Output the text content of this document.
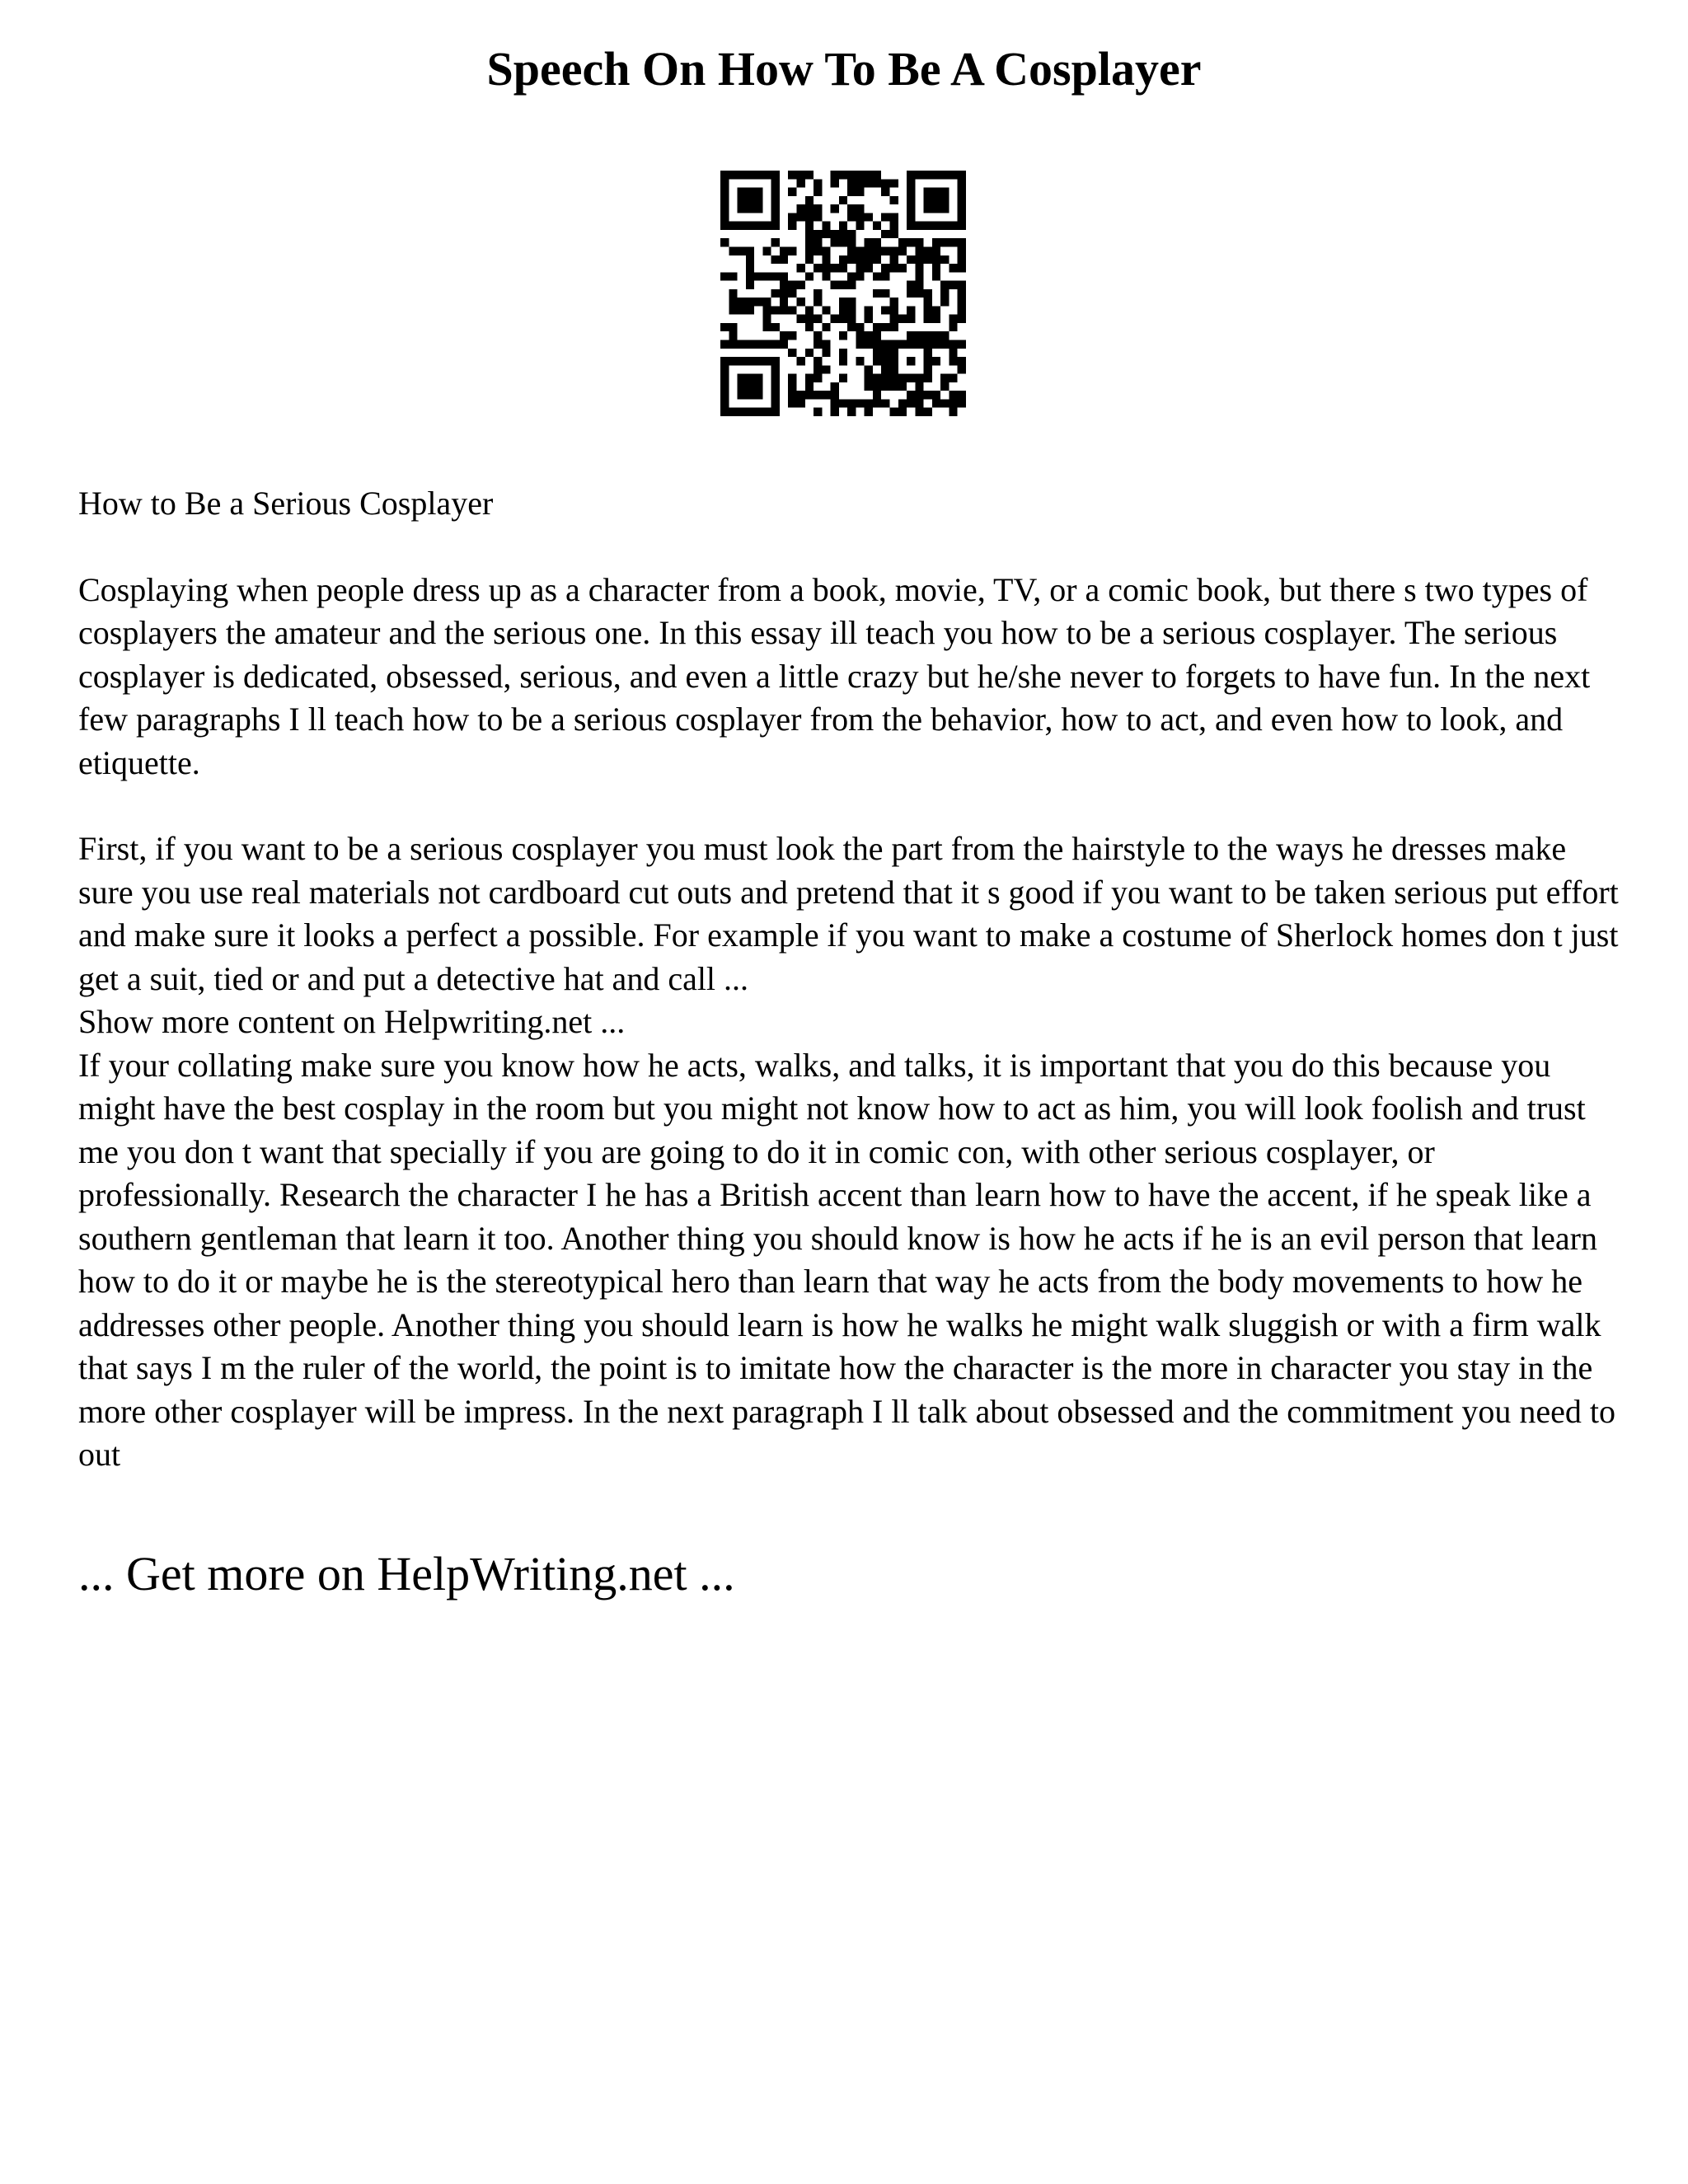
Speech On How To Be A Cosplayer

How to Be a Serious Cosplayer

Cosplaying when people dress up as a character from a book, movie, TV, or a comic book, but there s two types of cosplayers the amateur and the serious one. In this essay ill teach you how to be a serious cosplayer. The serious cosplayer is dedicated, obsessed, serious, and even a little crazy but he/she never to forgets to have fun. In the next few paragraphs I ll teach how to be a serious cosplayer from the behavior, how to act, and even how to look, and etiquette.

First, if you want to be a serious cosplayer you must look the part from the hairstyle to the ways he dresses make sure you use real materials not cardboard cut outs and pretend that it s good if you want to be taken serious put effort and make sure it looks a perfect a possible. For example if you want to make a costume of Sherlock homes don t just get a suit, tied or and put a detective hat and call ...

Show more content on Helpwriting.net ...

If your collating make sure you know how he acts, walks, and talks, it is important that you do this because you might have the best cosplay in the room but you might not know how to act as him, you will look foolish and trust me you don t want that specially if you are going to do it in comic con, with other serious cosplayer, or professionally. Research the character I he has a British accent than learn how to have the accent, if he speak like a southern gentleman that learn it too. Another thing you should know is how he acts if he is an evil person that learn how to do it or maybe he is the stereotypical hero than learn that way he acts from the body movements to how he addresses other people. Another thing you should learn is how he walks he might walk sluggish or with a firm walk that says I m the ruler of the world, the point is to imitate how the character is the more in character you stay in the more other cosplayer will be impress. In the next paragraph I ll talk about obsessed and the commitment you need to out

... Get more on HelpWriting.net ...
